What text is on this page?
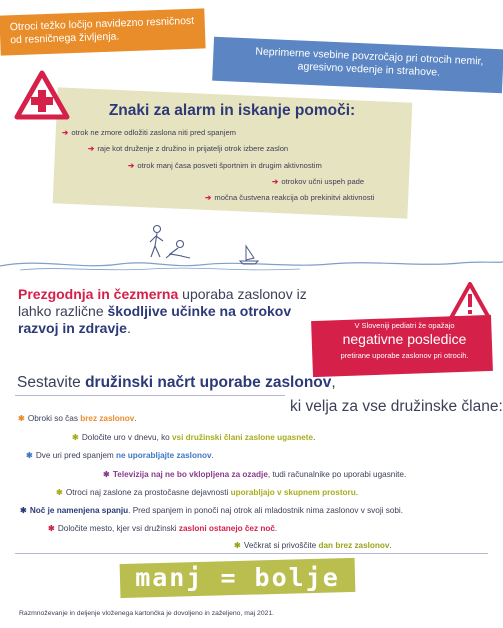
Otroci težko ločijo navidezno resničnost od resničnega življenja.
Neprimerne vsebine povzročajo pri otrocih nemir, agresivno vedenje in strahove.
Znaki za alarm in iskanje pomoči:
➔ otrok ne zmore odložiti zaslona niti pred spanjem
➔ raje kot druženje z družino in prijatelji otrok izbere zaslon
➔ otrok manj časa posveti športnim in drugim aktivnostim
➔ otrokov učni uspeh pade
➔ močna čustvena reakcija ob prekinitvi aktivnosti
Prezgodnja in čezmerna uporaba zaslonov iz lahko različne škodljive učinke na otrokov razvoj in zdravje.	V Sloveniji pediatri že opažajo
negativne posledice
pretirane uporabe zaslonov pri otrocih.
Sestavite družinski načrt uporabe zaslonov,
ki velja za vse družinske člane:
✱ Obroki so čas brez zaslonov.
✱ Določite uro v dnevu, ko vsi družinski člani zaslone ugasnete.
✱ Dve uri pred spanjem ne uporabljajte zaslonov.
✱ Televizija naj ne bo vklopljena za ozadje, tudi računalnike po uporabi ugasnite.
✱ Otroci naj zaslone za prostočasne dejavnosti uporabljajo v skupnem prostoru.
✱ Noč je namenjena spanju. Pred spanjem in ponoči naj otrok ali mladostnik nima zaslonov v svoji sobi.
✱ Določite mesto, kjer vsi družinski zasloni ostanejo čez noč.
✱ Večkrat si privoščite dan brez zaslonov.
manj = bolje
Razmnoževanje in deljenje vloženega kartončka je dovoljeno in zaželjeno, maj 2021.
